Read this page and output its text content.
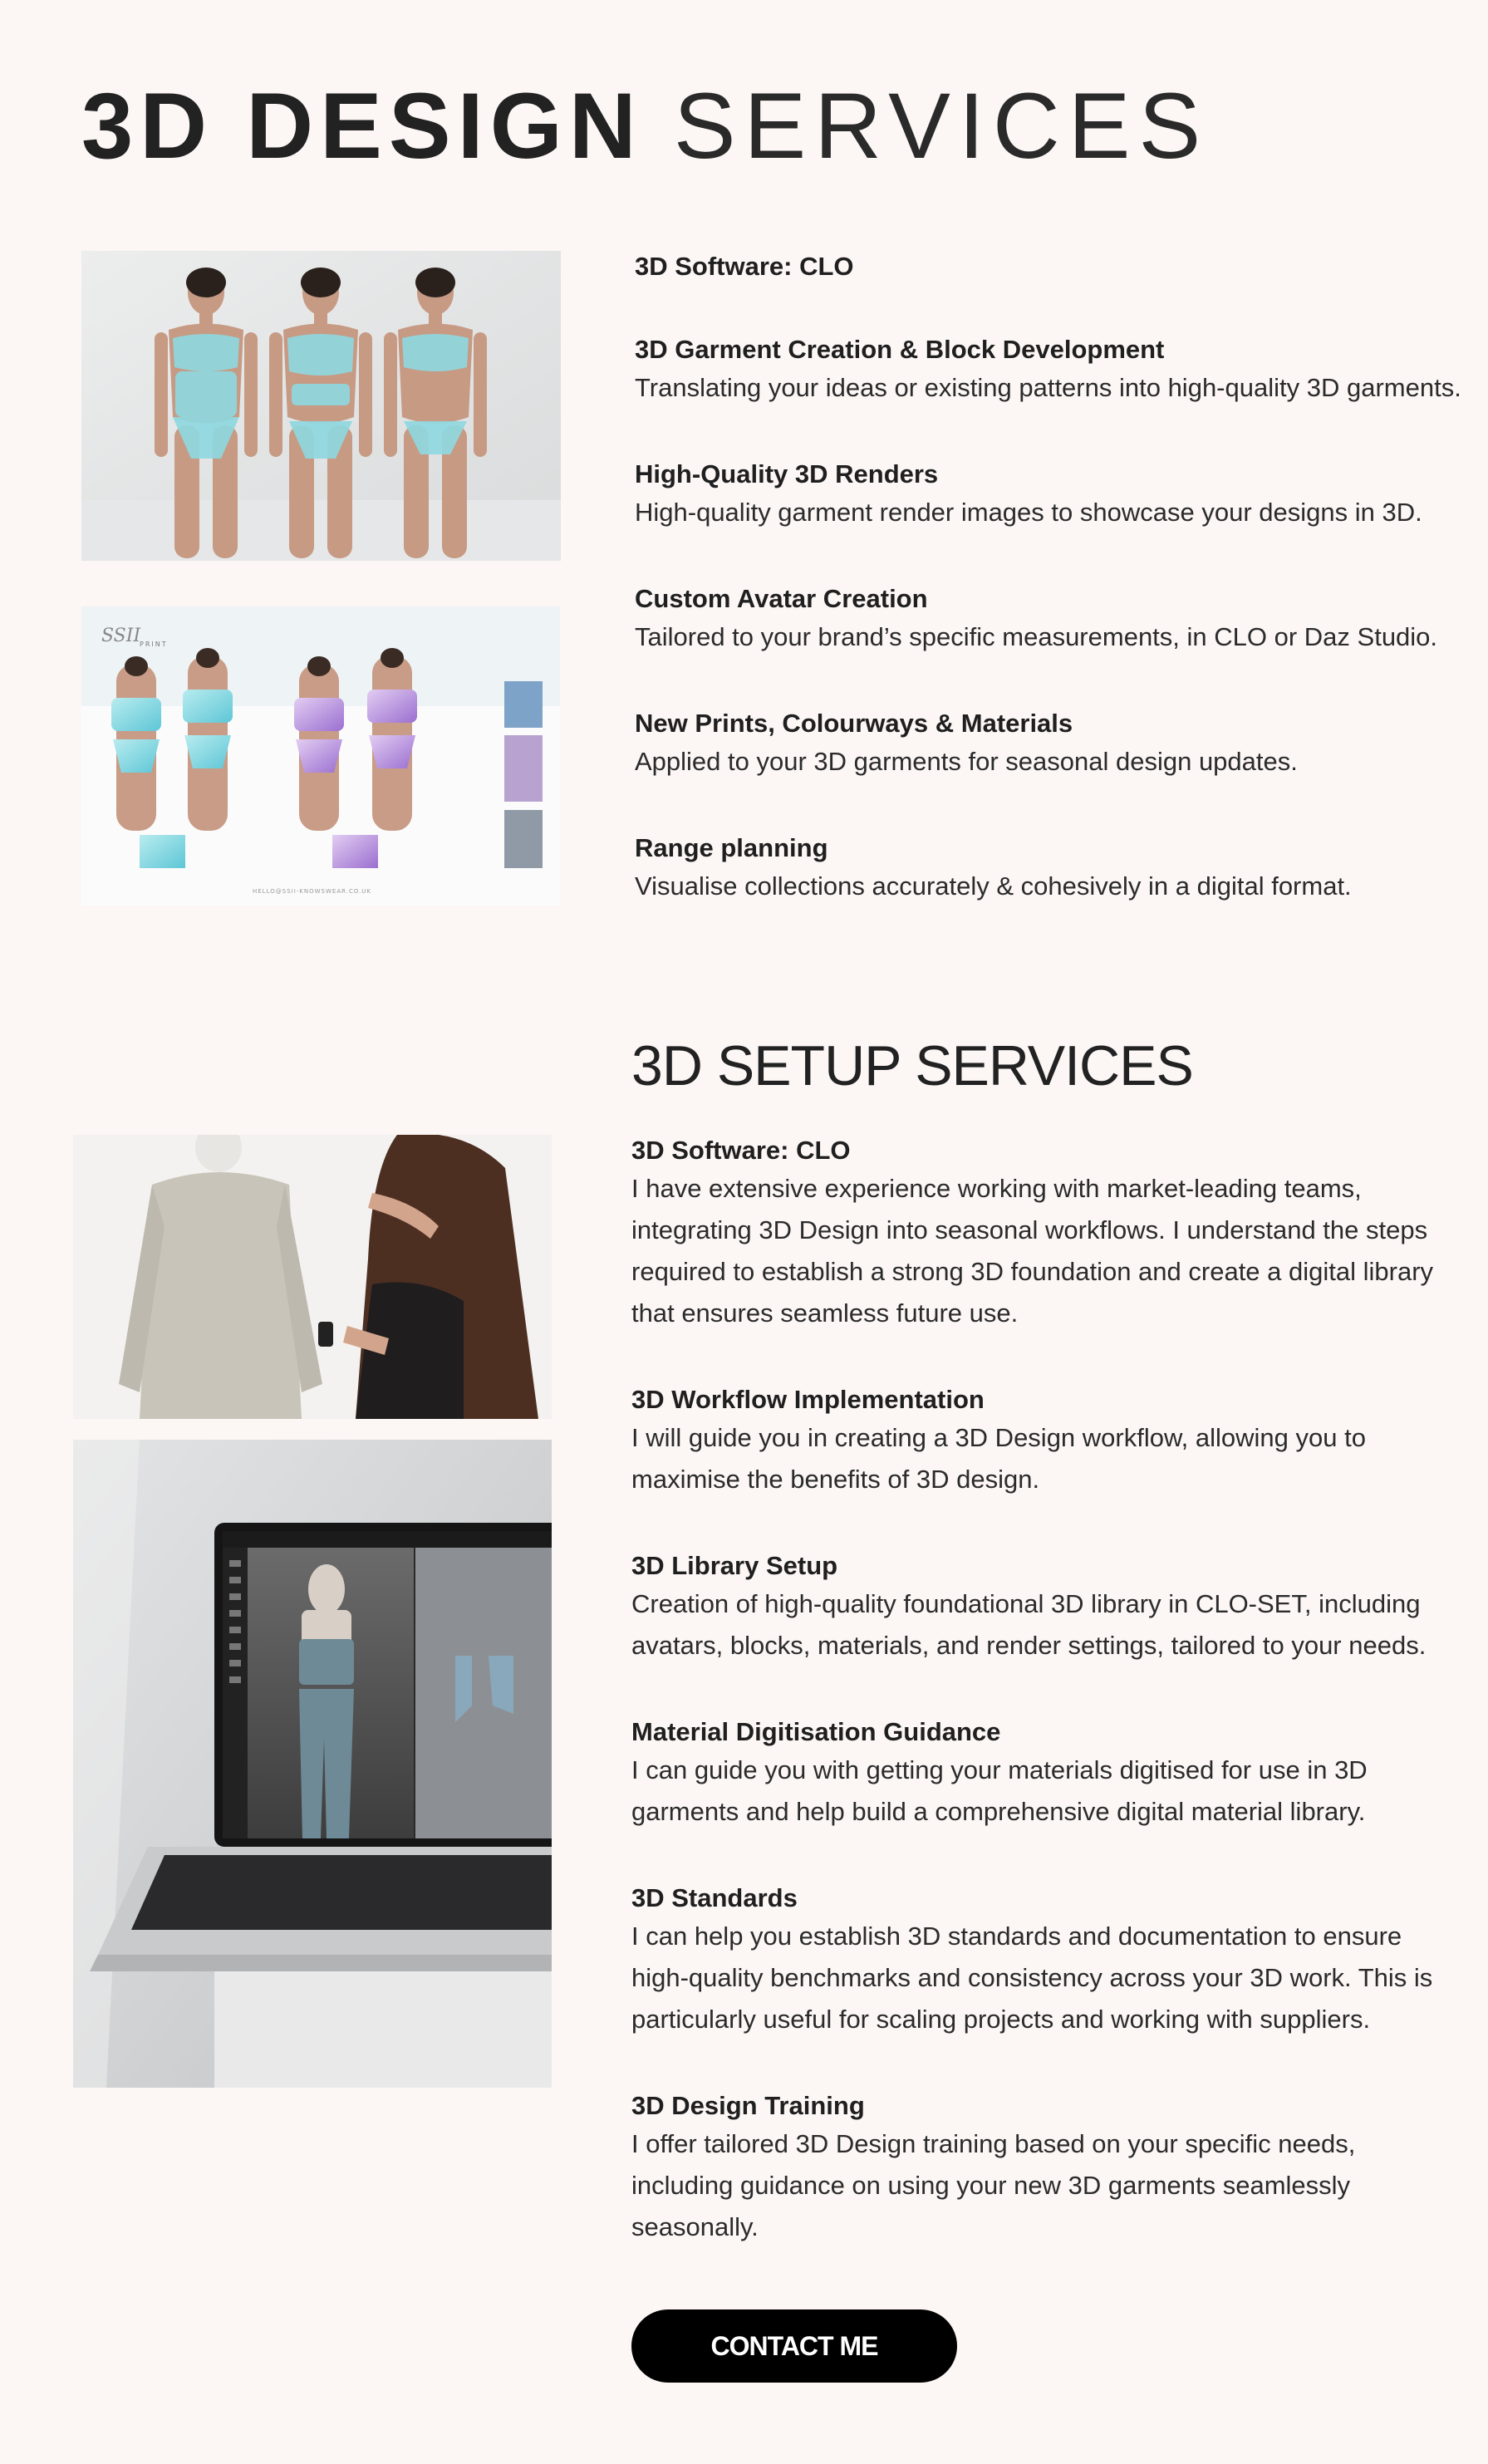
3D DESIGN SERVICES
SSII
PRINT
HELLO@SSII-KNOWSWEAR.CO.UK

3D Software: CLO

3D Garment Creation & Block Development

Translating your ideas or existing patterns into high-quality 3D garments.

High-Quality 3D Renders

High-quality garment render images to showcase your designs in 3D.

Custom Avatar Creation

Tailored to your brand’s specific measurements, in CLO or Daz Studio.

New Prints, Colourways & Materials

Applied to your 3D garments for seasonal design updates.

Range planning

Visualise collections accurately & cohesively in a digital format.

3D SETUP SERVICES

3D Software: CLO

I have extensive experience working with market-leading teams,

integrating 3D Design into seasonal workflows. I understand the steps

required to establish a strong 3D foundation and create a digital library

that ensures seamless future use.

3D Workflow Implementation

I will guide you in creating a 3D Design workflow, allowing you to

maximise the benefits of 3D design.

3D Library Setup

Creation of high-quality foundational 3D library in CLO-SET, including

avatars, blocks, materials, and render settings, tailored to your needs.

Material Digitisation Guidance

I can guide you with getting your materials digitised for use in 3D

garments and help build a comprehensive digital material library.

3D Standards

I can help you establish 3D standards and documentation to ensure

high-quality benchmarks and consistency across your 3D work. This is

particularly useful for scaling projects and working with suppliers.

3D Design Training

I offer tailored 3D Design training based on your specific needs,

including guidance on using your new 3D garments seamlessly

seasonally.

CONTACT ME
